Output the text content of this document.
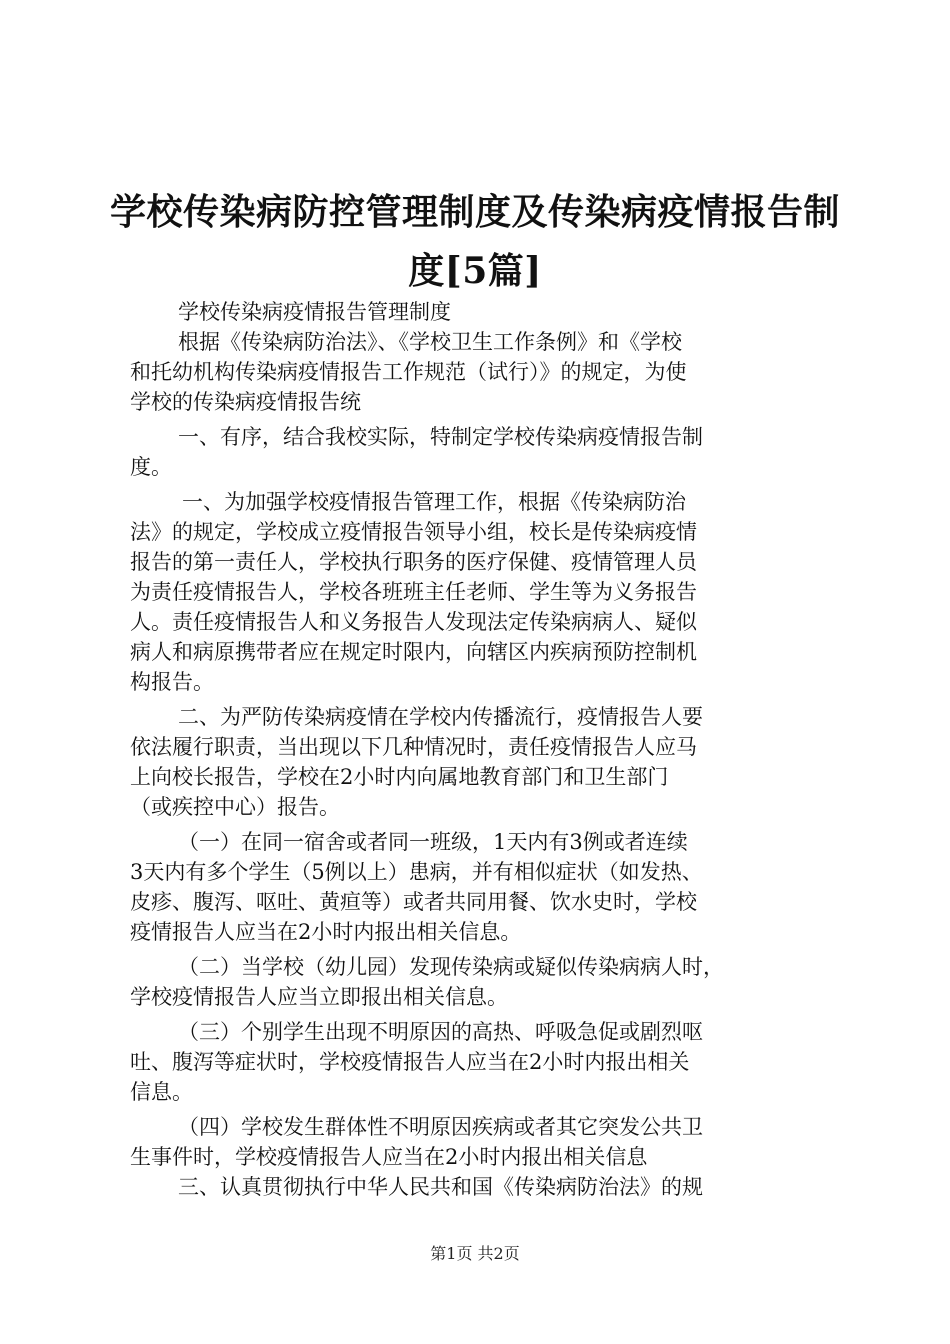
学校传染病防控管理制度及传染病疫情报告制
度[5篇]
学校传染病疫情报告管理制度
根据《传染病防治法》、《学校卫生工作条例》和《学校
和托幼机构传染病疫情报告工作规范（试行）》的规定，为使
学校的传染病疫情报告统
一、有序，结合我校实际，特制定学校传染病疫情报告制
度。
一、为加强学校疫情报告管理工作，根据《传染病防治
法》的规定，学校成立疫情报告领导小组，校长是传染病疫情
报告的第一责任人，学校执行职务的医疗保健、疫情管理人员
为责任疫情报告人，学校各班班主任老师、学生等为义务报告
人。责任疫情报告人和义务报告人发现法定传染病病人、疑似
病人和病原携带者应在规定时限内，向辖区内疾病预防控制机
构报告。
二、为严防传染病疫情在学校内传播流行，疫情报告人要
依法履行职责，当出现以下几种情况时，责任疫情报告人应马
上向校长报告，学校在2小时内向属地教育部门和卫生部门
（或疾控中心）报告。
（一）在同一宿舍或者同一班级，1天内有3例或者连续
3天内有多个学生（5例以上）患病，并有相似症状（如发热、
皮疹、腹泻、呕吐、黄疸等）或者共同用餐、饮水史时，学校
疫情报告人应当在2小时内报出相关信息。
（二）当学校（幼儿园）发现传染病或疑似传染病病人时，
学校疫情报告人应当立即报出相关信息。
（三）个别学生出现不明原因的高热、呼吸急促或剧烈呕
吐、腹泻等症状时，学校疫情报告人应当在2小时内报出相关
信息。
（四）学校发生群体性不明原因疾病或者其它突发公共卫
生事件时，学校疫情报告人应当在2小时内报出相关信息
三、认真贯彻执行中华人民共和国《传染病防治法》的规
第1页 共2页
